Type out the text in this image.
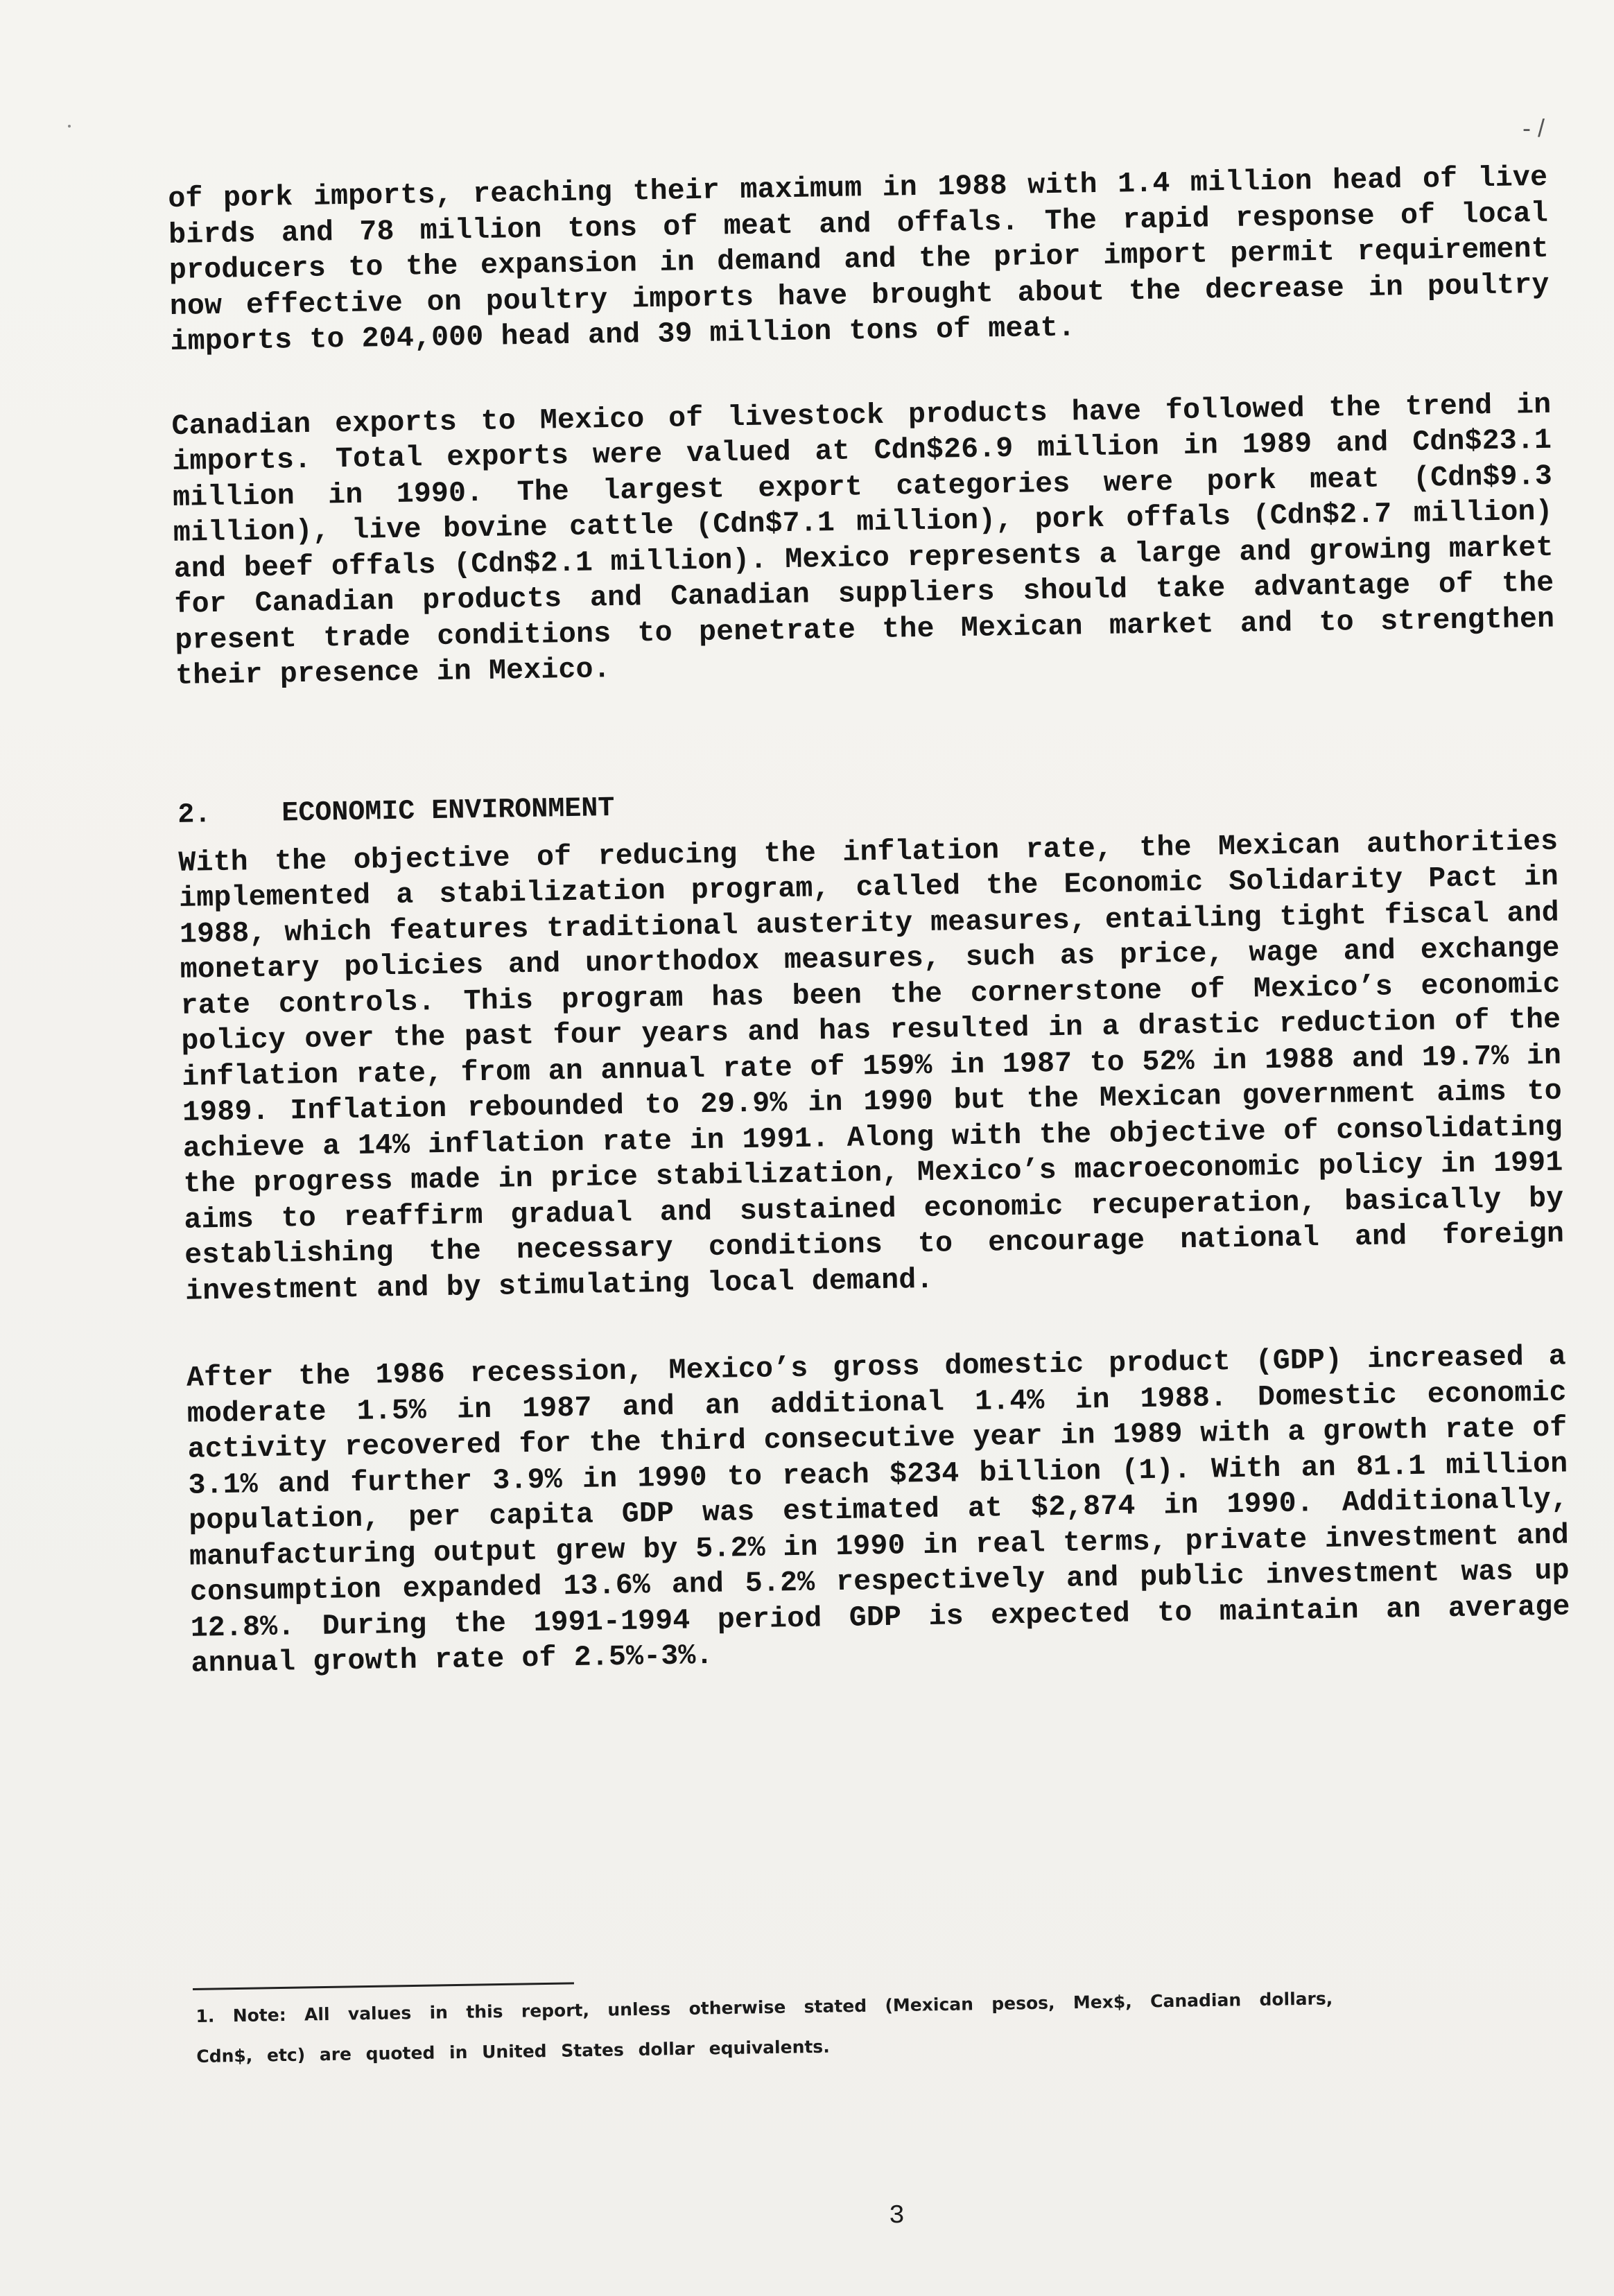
- /

of pork imports, reaching their maximum in 1988 with 1.4 million head of live birds and 78 million tons of meat and offals. The rapid response of local producers to the expansion in demand and the prior import permit requirement now effective on poultry imports have brought about the decrease in poultry imports to 204,000 head and 39 million tons of meat.

Canadian exports to Mexico of livestock products have followed the trend in imports. Total exports were valued at Cdn$26.9 million in 1989 and Cdn$23.1 million in 1990. The largest export categories were pork meat (Cdn$9.3 million), live bovine cattle (Cdn$7.1 million), pork offals (Cdn$2.7 million) and beef offals (Cdn$2.1 million). Mexico represents a large and growing market for Canadian products and Canadian suppliers should take advantage of the present trade conditions to penetrate the Mexican market and to strengthen their presence in Mexico.

2.	ECONOMIC ENVIRONMENT

With the objective of reducing the inflation rate, the Mexican authorities implemented a stabilization program, called the Economic Solidarity Pact in 1988, which features traditional austerity measures, entailing tight fiscal and monetary policies and unorthodox measures, such as price, wage and exchange rate controls. This program has been the cornerstone of Mexico’s economic policy over the past four years and has resulted in a drastic reduction of the inflation rate, from an annual rate of 159% in 1987 to 52% in 1988 and 19.7% in 1989. Inflation rebounded to 29.9% in 1990 but the Mexican government aims to achieve a 14% inflation rate in 1991. Along with the objective of consolidating the progress made in price stabilization, Mexico’s macroeconomic policy in 1991 aims to reaffirm gradual and sustained economic recuperation, basically by establishing the necessary conditions to encourage national and foreign investment and by stimulating local demand.

After the 1986 recession, Mexico’s gross domestic product (GDP) increased a moderate 1.5% in 1987 and an additional 1.4% in 1988. Domestic economic activity recovered for the third consecutive year in 1989 with a growth rate of 3.1% and further 3.9% in 1990 to reach $234 billion (1). With an 81.1 million population, per capita GDP was estimated at $2,874 in 1990. Additionally, manufacturing output grew by 5.2% in 1990 in real terms, private investment and consumption expanded 13.6% and 5.2% respectively and public investment was up 12.8%. During the 1991-1994 period GDP is expected to maintain an average annual growth rate of 2.5%-3%.

1. Note: All values in this report, unless otherwise stated (Mexican pesos, Mex$, Canadian dollars, Cdn$, etc) are quoted in United States dollar equivalents.
3
